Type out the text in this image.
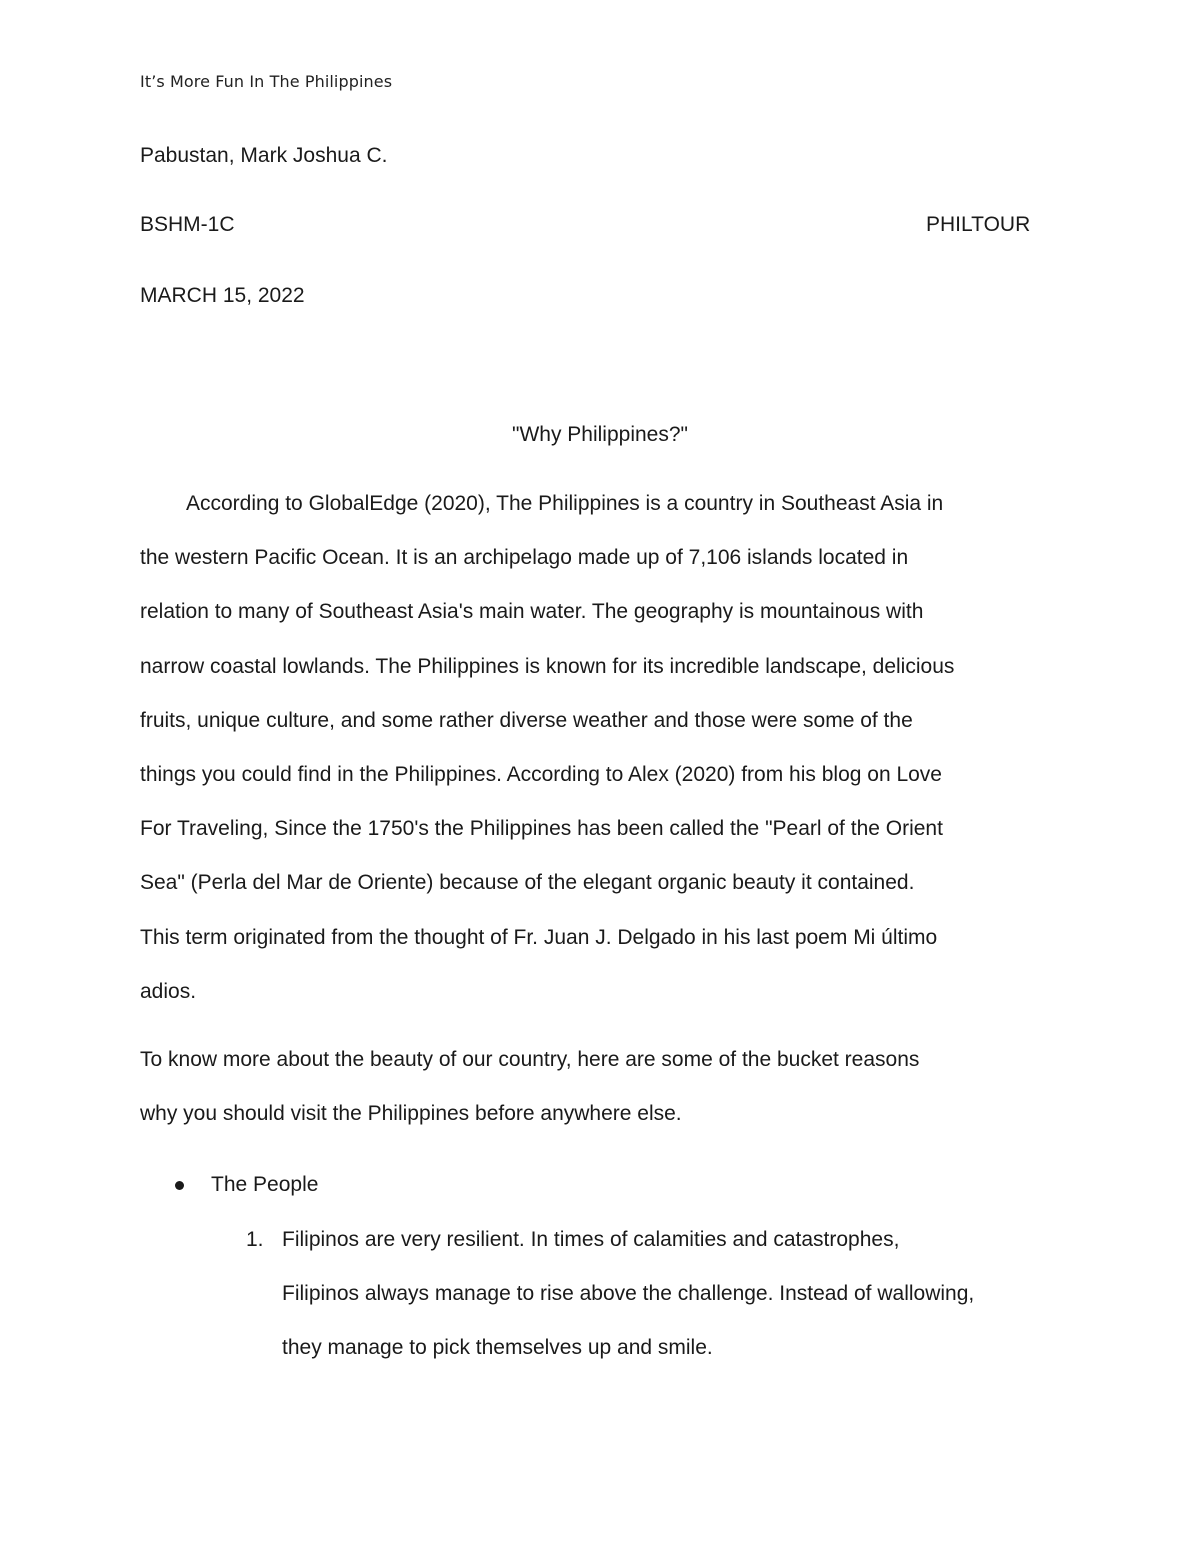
It’s More Fun In The Philippines
Pabustan, Mark Joshua C.
BSHM-1C	PHILTOUR
MARCH 15, 2022
"Why Philippines?"
According to GlobalEdge (2020), The Philippines is a country in Southeast Asia in
the western Pacific Ocean. It is an archipelago made up of 7,106 islands located in
relation to many of Southeast Asia's main water. The geography is mountainous with
narrow coastal lowlands. The Philippines is known for its incredible landscape, delicious
fruits, unique culture, and some rather diverse weather and those were some of the
things you could find in the Philippines. According to Alex (2020) from his blog on Love
For Traveling, Since the 1750's the Philippines has been called the "Pearl of the Orient
Sea" (Perla del Mar de Oriente) because of the elegant organic beauty it contained.
This term originated from the thought of Fr. Juan J. Delgado in his last poem Mi último
adios.
To know more about the beauty of our country, here are some of the bucket reasons
why you should visit the Philippines before anywhere else.
The People
1. Filipinos are very resilient. In times of calamities and catastrophes,
Filipinos always manage to rise above the challenge. Instead of wallowing,
they manage to pick themselves up and smile.
